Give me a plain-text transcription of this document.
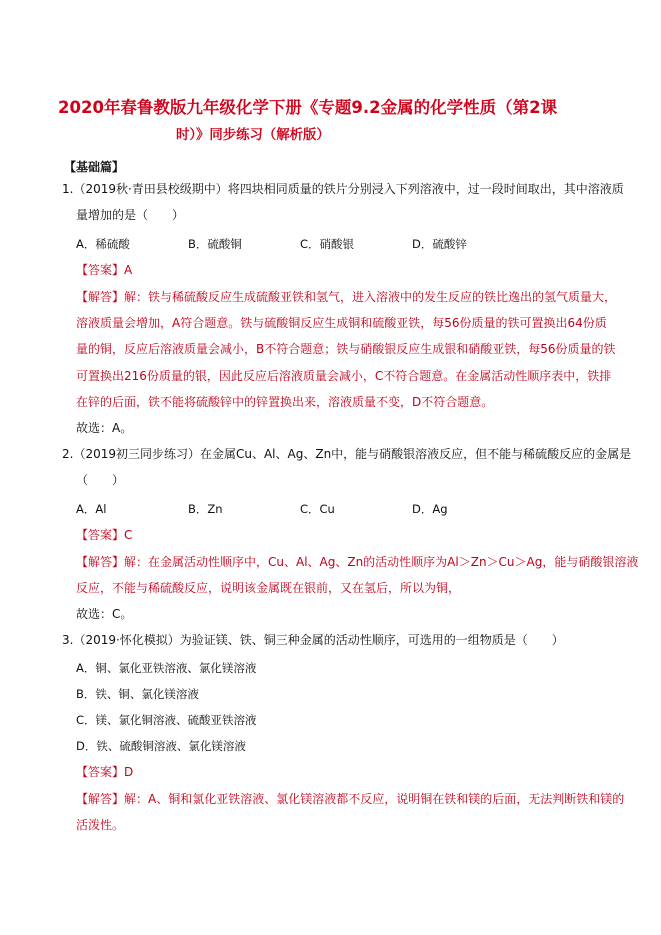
2020年春鲁教版九年级化学下册《专题9.2金属的化学性质（第2课
时）》同步练习（解析版）
【基础篇】
1.（2019秋·青田县校级期中）将四块相同质量的铁片分别浸入下列溶液中，过一段时间取出，其中溶液质
量增加的是（　　）
A．稀硫酸	B．硫酸铜	C．硝酸银	D．硫酸锌
【答案】A
【解答】解：铁与稀硫酸反应生成硫酸亚铁和氢气，进入溶液中的发生反应的铁比逸出的氢气质量大，
溶液质量会增加，A符合题意。铁与硫酸铜反应生成铜和硫酸亚铁，每56份质量的铁可置换出64份质
量的铜，反应后溶液质量会减小，B不符合题意；铁与硝酸银反应生成银和硝酸亚铁，每56份质量的铁
可置换出216份质量的银，因此反应后溶液质量会减小，C不符合题意。在金属活动性顺序表中，铁排
在锌的后面，铁不能将硫酸锌中的锌置换出来，溶液质量不变，D不符合题意。
故选：A。
2.（2019初三同步练习）在金属Cu、Al、Ag、Zn中，能与硝酸银溶液反应，但不能与稀硫酸反应的金属是
（　　）
A．Al	B．Zn	C．Cu	D．Ag
【答案】C
【解答】解：在金属活动性顺序中，Cu、Al、Ag、Zn的活动性顺序为Al＞Zn＞Cu＞Ag，能与硝酸银溶液
反应，不能与稀硫酸反应，说明该金属既在银前，又在氢后，所以为铜，
故选：C。
3.（2019·怀化模拟）为验证镁、铁、铜三种金属的活动性顺序，可选用的一组物质是（　　）
A．铜、氯化亚铁溶液、氯化镁溶液
B．铁、铜、氯化镁溶液
C．镁、氯化铜溶液、硫酸亚铁溶液
D．铁、硫酸铜溶液、氯化镁溶液
【答案】D
【解答】解：A、铜和氯化亚铁溶液、氯化镁溶液都不反应，说明铜在铁和镁的后面，无法判断铁和镁的
活泼性。
